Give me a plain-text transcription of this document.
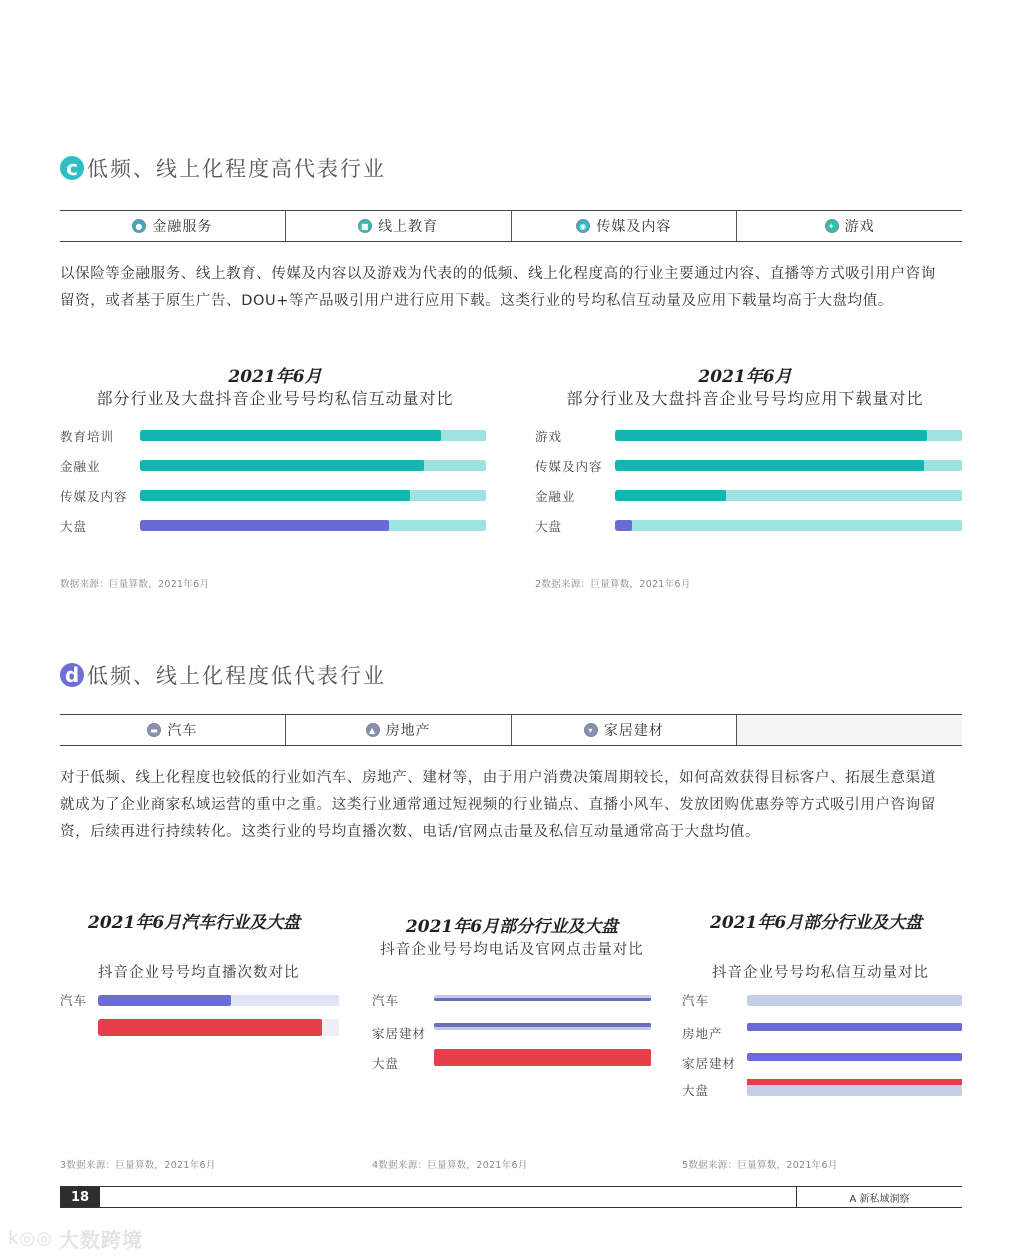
c 低频、线上化程度高代表行业
● 金融服务	■ 线上教育	◉ 传媒及内容	✦ 游戏
以保险等金融服务、线上教育、传媒及内容以及游戏为代表的的低频、线上化程度高的行业主要通过内容、直播等方式吸引用户咨询
留资，或者基于原生广告、DOU+等产品吸引用户进行应用下载。这类行业的号均私信互动量及应用下载量均高于大盘均值。
2021年6月
部分行业及大盘抖音企业号号均私信互动量对比
教育培训
金融业
传媒及内容
大盘
数据来源：巨量算数，2021年6月
2021年6月
部分行业及大盘抖音企业号号均应用下载量对比
游戏
传媒及内容
金融业
大盘
2数据来源：巨量算数，2021年6月
d 低频、线上化程度低代表行业
▬ 汽车	▲ 房地产	▾ 家居建材
对于低频、线上化程度也较低的行业如汽车、房地产、建材等，由于用户消费决策周期较长，如何高效获得目标客户、拓展生意渠道
就成为了企业商家私域运营的重中之重。这类行业通常通过短视频的行业锚点、直播小风车、发放团购优惠券等方式吸引用户咨询留
资，后续再进行持续转化。这类行业的号均直播次数、电话/官网点击量及私信互动量通常高于大盘均值。
2021年6月汽车行业及大盘
抖音企业号号均直播次数对比
汽车
3数据来源：巨量算数，2021年6月
2021年6月部分行业及大盘
抖音企业号号均电话及官网点击量对比
汽车
家居建材
大盘
4数据来源：巨量算数，2021年6月
2021年6月部分行业及大盘
抖音企业号号均私信互动量对比
汽车
房地产
家居建材
大盘
5数据来源：巨量算数，2021年6月
18	A 新私域洞察
k◎◎ 大数跨境
